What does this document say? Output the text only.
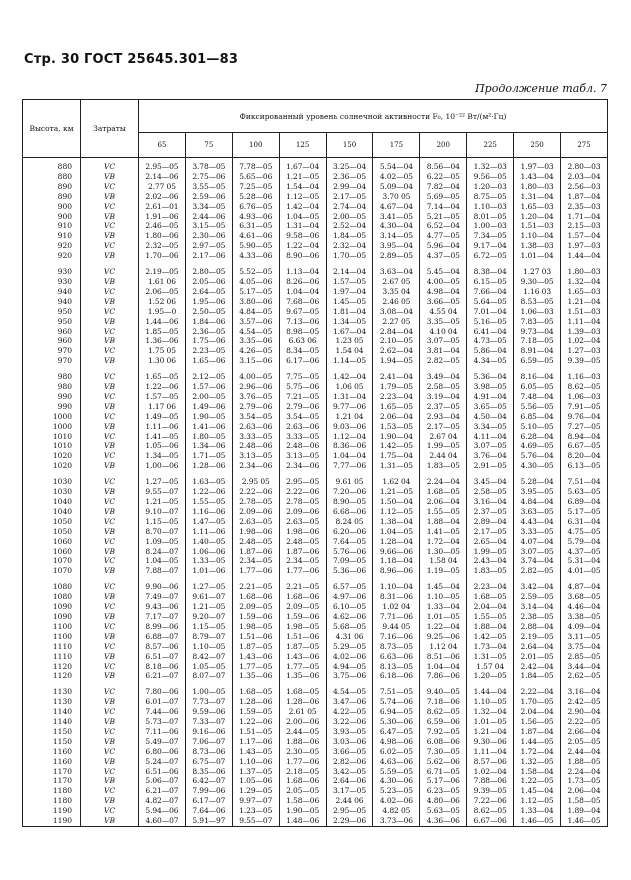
Стр. 30 ГОСТ 25645.301—83
Продолжение табл. 7
Высота, км	Затраты	Фиксированный уровень солнечной активности F₀, 10⁻²² Вт/(м²·Гц)									
		65	75	100	125	150	175	200	225	250	275
880	VC	2.95—05	3.78—05	7.78—05	1.67—04	3.25—04	5.54—04	8.56—04	1.32—03	1.97—03	2.80—03
880	VB	2.14—06	2.75—06	5.65—06	1.21—05	2.36—05	4.02—05	6.22—05	9.56—05	1.43—04	2.03—04
890	VC	2.77 05	3.55—05	7.25—05	1.54—04	2.99—04	5.09—04	7.82—04	1.20—03	1.80—03	2.56—03
890	VB	2.02—06	2.59—06	5.28—06	1.12—05	2.17—05	3.70 05	5.69—05	8.75—05	1.31—04	1.87—04
900	VC	2.61—01	3.34—05	6.76—05	1.42—04	2.74—04	4.67—04	7.14—04	1.10—03	1.65—03	2.35—03
900	VB	1.91—06	2.44—06	4.93—06	1.04—05	2.00—05	3.41—05	5.21—05	8.01—05	1.20—04	1.71—04
910	VC	2.46—05	3.15—05	6.31—05	1.31—04	2.52—04	4.30—04	6.52—04	1.00—03	1.51—03	2.15—03
910	VB	1.80—06	2.30—06	4.61—06	9.58—06	1.84—05	3.14—05	4.77—05	7.34—05	1.10—04	1.57—04
920	VC	2.32—05	2.97—05	5.90—05	1.22—04	2.32—04	3.95—04	5.96—04	9.17—04	1.38—03	1.97—03
920	VB	1.70—06	2.17—06	4.33—06	8.90—06	1.70—05	2.89—05	4.37—05	6.72—05	1.01—04	1.44—04

930	VC	2.19—05	2.80—05	5.52—05	1.13—04	2.14—04	3.63—04	5.45—04	8.38—04	1.27 03	1.80—03
930	VB	1.61 06	2.05—06	4.05—06	8.26—06	1.57—05	2.67 05	4.00—05	6.15—05	9.30—05	1.32—04
940	VC	2.06—05	2.64—05	5.17—05	1.04—04	1.97—04	3.35 04	4.98—04	7.66—04	1.16 03	1.65—03
940	VB	1.52 06	1.95—06	3.80—06	7.68—06	1.45—05	2.46 05	3.66—05	5.64—05	8.53—05	1.21—04
950	VC	1.95—0	2.50—05	4.84—05	9.67—05	1.81—04	3.08—04	4.55 04	7.01—04	1.06—03	1.51—03
950	VB	1.44—06	1.84—06	3.57—06	7.13—06	1.34—05	2.27 05	3.35—05	5.16—05	7.83—05	1.11—04
960	VC	1.85—05	2.36—05	4.54—05	8.98—05	1.67—04	2.84—04	4.10 04	6.41—04	9.73—04	1.39—03
960	VB	1.36—06	1.75—06	3.35—06	6.63 06	1.23 05	2.10—05	3.07—05	4.73—05	7.18—05	1.02—04
970	VC	1.75 05	2.23—05	4.26—05	8.34—05	1.54 04	2.62—04	3.81—04	5.86—04	8.91—04	1.27—03
970	VB	1.30 06	1.65—06	3.15—06	6.17—06	1.14—05	1.94—05	2.82—05	4.34—05	6.59—05	9.39—05

980	VC	1.65—05	2.12—05	4.00—05	7.75—05	1.42—04	2.41—04	3.49—04	5.36—04	8.16—04	1.16—03
980	VB	1.22—06	1.57—06	2.96—06	5.75—06	1.06 05	1.79—05	2.58—05	3.98—05	6.05—05	8.62—05
990	VC	1.57—05	2.00—05	3.76—05	7.21—05	1.31—04	2.23—04	3.19—04	4.91—04	7.48—04	1.06—03
990	VB	1.17 06	1.49—06	2.79—06	2.79—06	9.77—06	1.65—05	2.37—05	3.65—05	5.56—05	7.91—05
1000	VC	1.49—05	1.90—05	3.54—05	3.54—05	1.21 04	2.06—04	2.93—04	4.50—04	6.85—04	9.76—04
1000	VB	1.11—06	1.41—06	2.63—06	2.63—06	9.03—06	1.53—05	2.17—05	3.34—05	5.10—05	7.27—05
1010	VC	1.41—05	1.80—05	3.33—05	3.33—05	1.12—04	1.90—04	2.67 04	4.11—04	6.28—04	8.94—04
1010	VB	1.05—06	1.34—06	2.48—06	2.48—06	8.36—06	1.42—05	1.99—05	3.07—05	4.69—05	6.67—05
1020	VC	1.34—05	1.71—05	3.13—05	3.13—05	1.04—04	1.75—04	2.44 04	3.76—04	5.76—04	8.20—04
1020	VB	1.00—06	1.28—06	2.34—06	2.34—06	7.77—06	1.31—05	1.83—05	2.91—05	4.30—05	6.13—05

1030	VC	1.27—05	1.63—05	2.95 05	2.95—05	9.61 05	1.62 04	2.24—04	3.45—04	5.28—04	7.51—04
1030	VB	9.55—07	1.22—06	2.22—06	2.22—06	7.20—06	1.21—05	1.68—05	2.58—05	3.95—05	5.63—05
1040	VC	1.21—05	1.55—05	2.78—05	2.78—05	8.90—05	1.50—04	2.06—04	3.16—04	4.84—04	6.89—04
1040	VB	9.10—07	1.16—06	2.09—06	2.09—06	6.68—06	1.12—05	1.55—05	2.37—05	3.63—05	5.17—05
1050	VC	1.15—05	1.47—05	2.63—05	2.63—05	8.24 05	1.38—04	1.88—04	2.89—04	4.43—04	6.31—04
1050	VB	8.70—07	1.11—06	1.98—06	1.98—06	6.20—06	1.04—05	1.41—05	2.17—05	3.33—05	4.75—05
1060	VC	1.09—05	1.40—05	2.48—05	2.48—05	7.64—05	1.28—04	1.72—04	2.65—04	4.07—04	5.79—04
1060	VB	8.24—07	1.06—06	1.87—06	1.87—06	5.76—06	9.66—06	1.30—05	1.99—05	3.07—05	4.37—05
1070	VC	1.04—05	1.33—05	2.34—05	2.34—05	7.09—05	1.18—04	1.58 04	2.43—04	3.74—04	5.31—04
1070	VB	7.88—07	1.01—06	1.77—06	1.77—06	5.36—06	8.96—06	1.19—05	1.83—05	2.82—05	4.01—05

1080	VC	9.90—06	1.27—05	2.21—05	2.21—05	6.57—05	1.10—04	1.45—04	2.23—04	3.42—04	4.87—04
1080	VB	7.49—07	9.61—07	1.68—06	1.68—06	4.97—06	8.31—06	1.10—05	1.68—05	2.59—05	3.68—05
1090	VC	9.43—06	1.21—05	2.09—05	2.09—05	6.10—05	1.02 04	1.33—04	2.04—04	3.14—04	4.46—04
1090	VB	7.17—07	9.20—07	1.59—06	1.59—06	4.62—06	7.71—06	1.01—05	1.55—05	2.38—05	3.38—05
1100	VC	8.99—06	1.15—05	1.98—05	1.98—05	5.68—05	9.44 05	1.22—04	1.88—04	2.88—04	4.09—04
1100	VB	6.88—07	8.79—07	1.51—06	1.51—06	4.31 06	7.16—06	9.25—06	1.42—05	2.19—05	3.11—05
1110	VC	8.57—06	1.10—05	1.87—05	1.87—05	5.29—05	8.73—05	1.12 04	1.73—04	2.64—04	3.75—04
1110	VB	6.51—07	8.42—07	1.43—06	1.43—06	4.02—06	6.63—06	8.51—06	1.31—05	2.01—05	2.85—05
1120	VC	8.18—06	1.05—05	1.77—05	1.77—05	4.94—05	8.13—05	1.04—04	1.57 04	2.42—04	3.44—04
1120	VB	6.21—07	8.07—07	1.35—06	1.35—06	3.75—06	6.18—06	7.86—06	1.20—05	1.84—05	2.62—05

1130	VC	7.80—06	1.00—05	1.68—05	1.68—05	4.54—05	7.51—05	9.40—05	1.44—04	2.22—04	3.16—04
1130	VB	6.01—07	7.73—07	1.28—06	1.28—06	3.47—06	5.74—06	7.18—06	1.10—05	1.70—05	2.42—05
1140	VC	7.44—06	9.59—06	1.59—05	2.61 05	4.22—05	6.94—05	8.62—05	1.32—04	2.04—04	2.90—04
1140	VB	5.73—07	7.33—07	1.22—06	2.00—06	3.22—06	5.30—06	6.59—06	1.01—05	1.56—05	2.22—05
1150	VC	7.11—06	9.16—06	1.51—05	2.44—05	3.93—05	6.47—05	7.92—05	1.21—04	1.87—04	2.66—04
1150	VB	5.49—07	7.06—07	1.17—06	1.88—06	3.03—06	4.98—06	6.08—06	9.30—06	1.44—05	2.05—05
1160	VC	6.80—06	8.73—06	1.43—05	2.30—05	3.66—05	6.02—05	7.30—05	1.11—04	1.72—04	2.44—04
1160	VB	5.24—07	6.75—07	1.10—06	1.77—06	2.82—06	4.63—06	5.62—06	8.57—06	1.32—05	1.88—05
1170	VC	6.51—06	8.35—06	1.37—05	2.18—05	3.42—05	5.59—05	6.71—05	1.02—04	1.58—04	2.24—04
1170	VB	5.06—07	6.42—07	1.05—06	1.68—06	2.64—06	4.30—06	5.17—06	7.88—06	1.22—05	1.73—05
1180	VC	6.21—07	7.99—06	1.29—05	2.05—05	3.17—05	5.23—05	6.23—05	9.39—05	1.45—04	2.06—04
1180	VB	4.82—07	6.17—07	9.97—07	1.58—06	2.44 06	4.02—06	4.80—06	7.22—06	1.12—05	1.58—05
1190	VC	5.94—06	7.64—06	1.23—05	1.90—05	2.95—05	4.82 05	5.63—05	8.62—05	1.33—04	1.89—04
1190	VB	4.60—07	5.91—97	9.55—07	1.48—06	2.29—06	3.73—06	4.36—06	6.67—06	1.46—05	1.46—05
